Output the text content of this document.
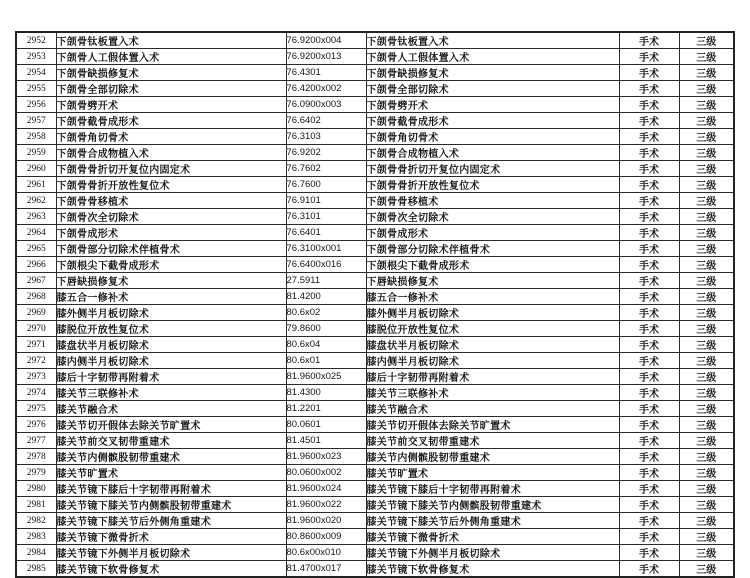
2952	下颌骨钛板置入术	76.9200x004	下颌骨钛板置入术	手术	三级
2953	下颌骨人工假体置入术	76.9200x013	下颌骨人工假体置入术	手术	三级
2954	下颌骨缺损修复术	76.4301	下颌骨缺损修复术	手术	三级
2955	下颌骨全部切除术	76.4200x002	下颌骨全部切除术	手术	三级
2956	下颌骨劈开术	76.0900x003	下颌骨劈开术	手术	三级
2957	下颌骨截骨成形术	76.6402	下颌骨截骨成形术	手术	三级
2958	下颌骨角切骨术	76.3103	下颌骨角切骨术	手术	三级
2959	下颌骨合成物植入术	76.9202	下颌骨合成物植入术	手术	三级
2960	下颌骨骨折切开复位内固定术	76.7602	下颌骨骨折切开复位内固定术	手术	三级
2961	下颌骨骨折开放性复位术	76.7600	下颌骨骨折开放性复位术	手术	三级
2962	下颌骨骨移植术	76.9101	下颌骨骨移植术	手术	三级
2963	下颌骨次全切除术	76.3101	下颌骨次全切除术	手术	三级
2964	下颌骨成形术	76.6401	下颌骨成形术	手术	三级
2965	下颌骨部分切除术伴植骨术	76.3100x001	下颌骨部分切除术伴植骨术	手术	三级
2966	下颌根尖下截骨成形术	76.6400x016	下颌根尖下截骨成形术	手术	三级
2967	下唇缺损修复术	27.5911	下唇缺损修复术	手术	三级
2968	膝五合一修补术	81.4200	膝五合一修补术	手术	三级
2969	膝外侧半月板切除术	80.6x02	膝外侧半月板切除术	手术	三级
2970	膝脱位开放性复位术	79.8600	膝脱位开放性复位术	手术	三级
2971	膝盘状半月板切除术	80.6x04	膝盘状半月板切除术	手术	三级
2972	膝内侧半月板切除术	80.6x01	膝内侧半月板切除术	手术	三级
2973	膝后十字韧带再附着术	81.9600x025	膝后十字韧带再附着术	手术	三级
2974	膝关节三联修补术	81.4300	膝关节三联修补术	手术	三级
2975	膝关节融合术	81.2201	膝关节融合术	手术	三级
2976	膝关节切开假体去除关节旷置术	80.0601	膝关节切开假体去除关节旷置术	手术	三级
2977	膝关节前交叉韧带重建术	81.4501	膝关节前交叉韧带重建术	手术	三级
2978	膝关节内侧髌股韧带重建术	81.9600x023	膝关节内侧髌股韧带重建术	手术	三级
2979	膝关节旷置术	80.0600x002	膝关节旷置术	手术	三级
2980	膝关节镜下膝后十字韧带再附着术	81.9600x024	膝关节镜下膝后十字韧带再附着术	手术	三级
2981	膝关节镜下膝关节内侧髌股韧带重建术	81.9600x022	膝关节镜下膝关节内侧髌股韧带重建术	手术	三级
2982	膝关节镜下膝关节后外侧角重建术	81.9600x020	膝关节镜下膝关节后外侧角重建术	手术	三级
2983	膝关节镜下微骨折术	80.8600x009	膝关节镜下微骨折术	手术	三级
2984	膝关节镜下外侧半月板切除术	80.6x00x010	膝关节镜下外侧半月板切除术	手术	三级
2985	膝关节镜下软骨修复术	81.4700x017	膝关节镜下软骨修复术	手术	三级
